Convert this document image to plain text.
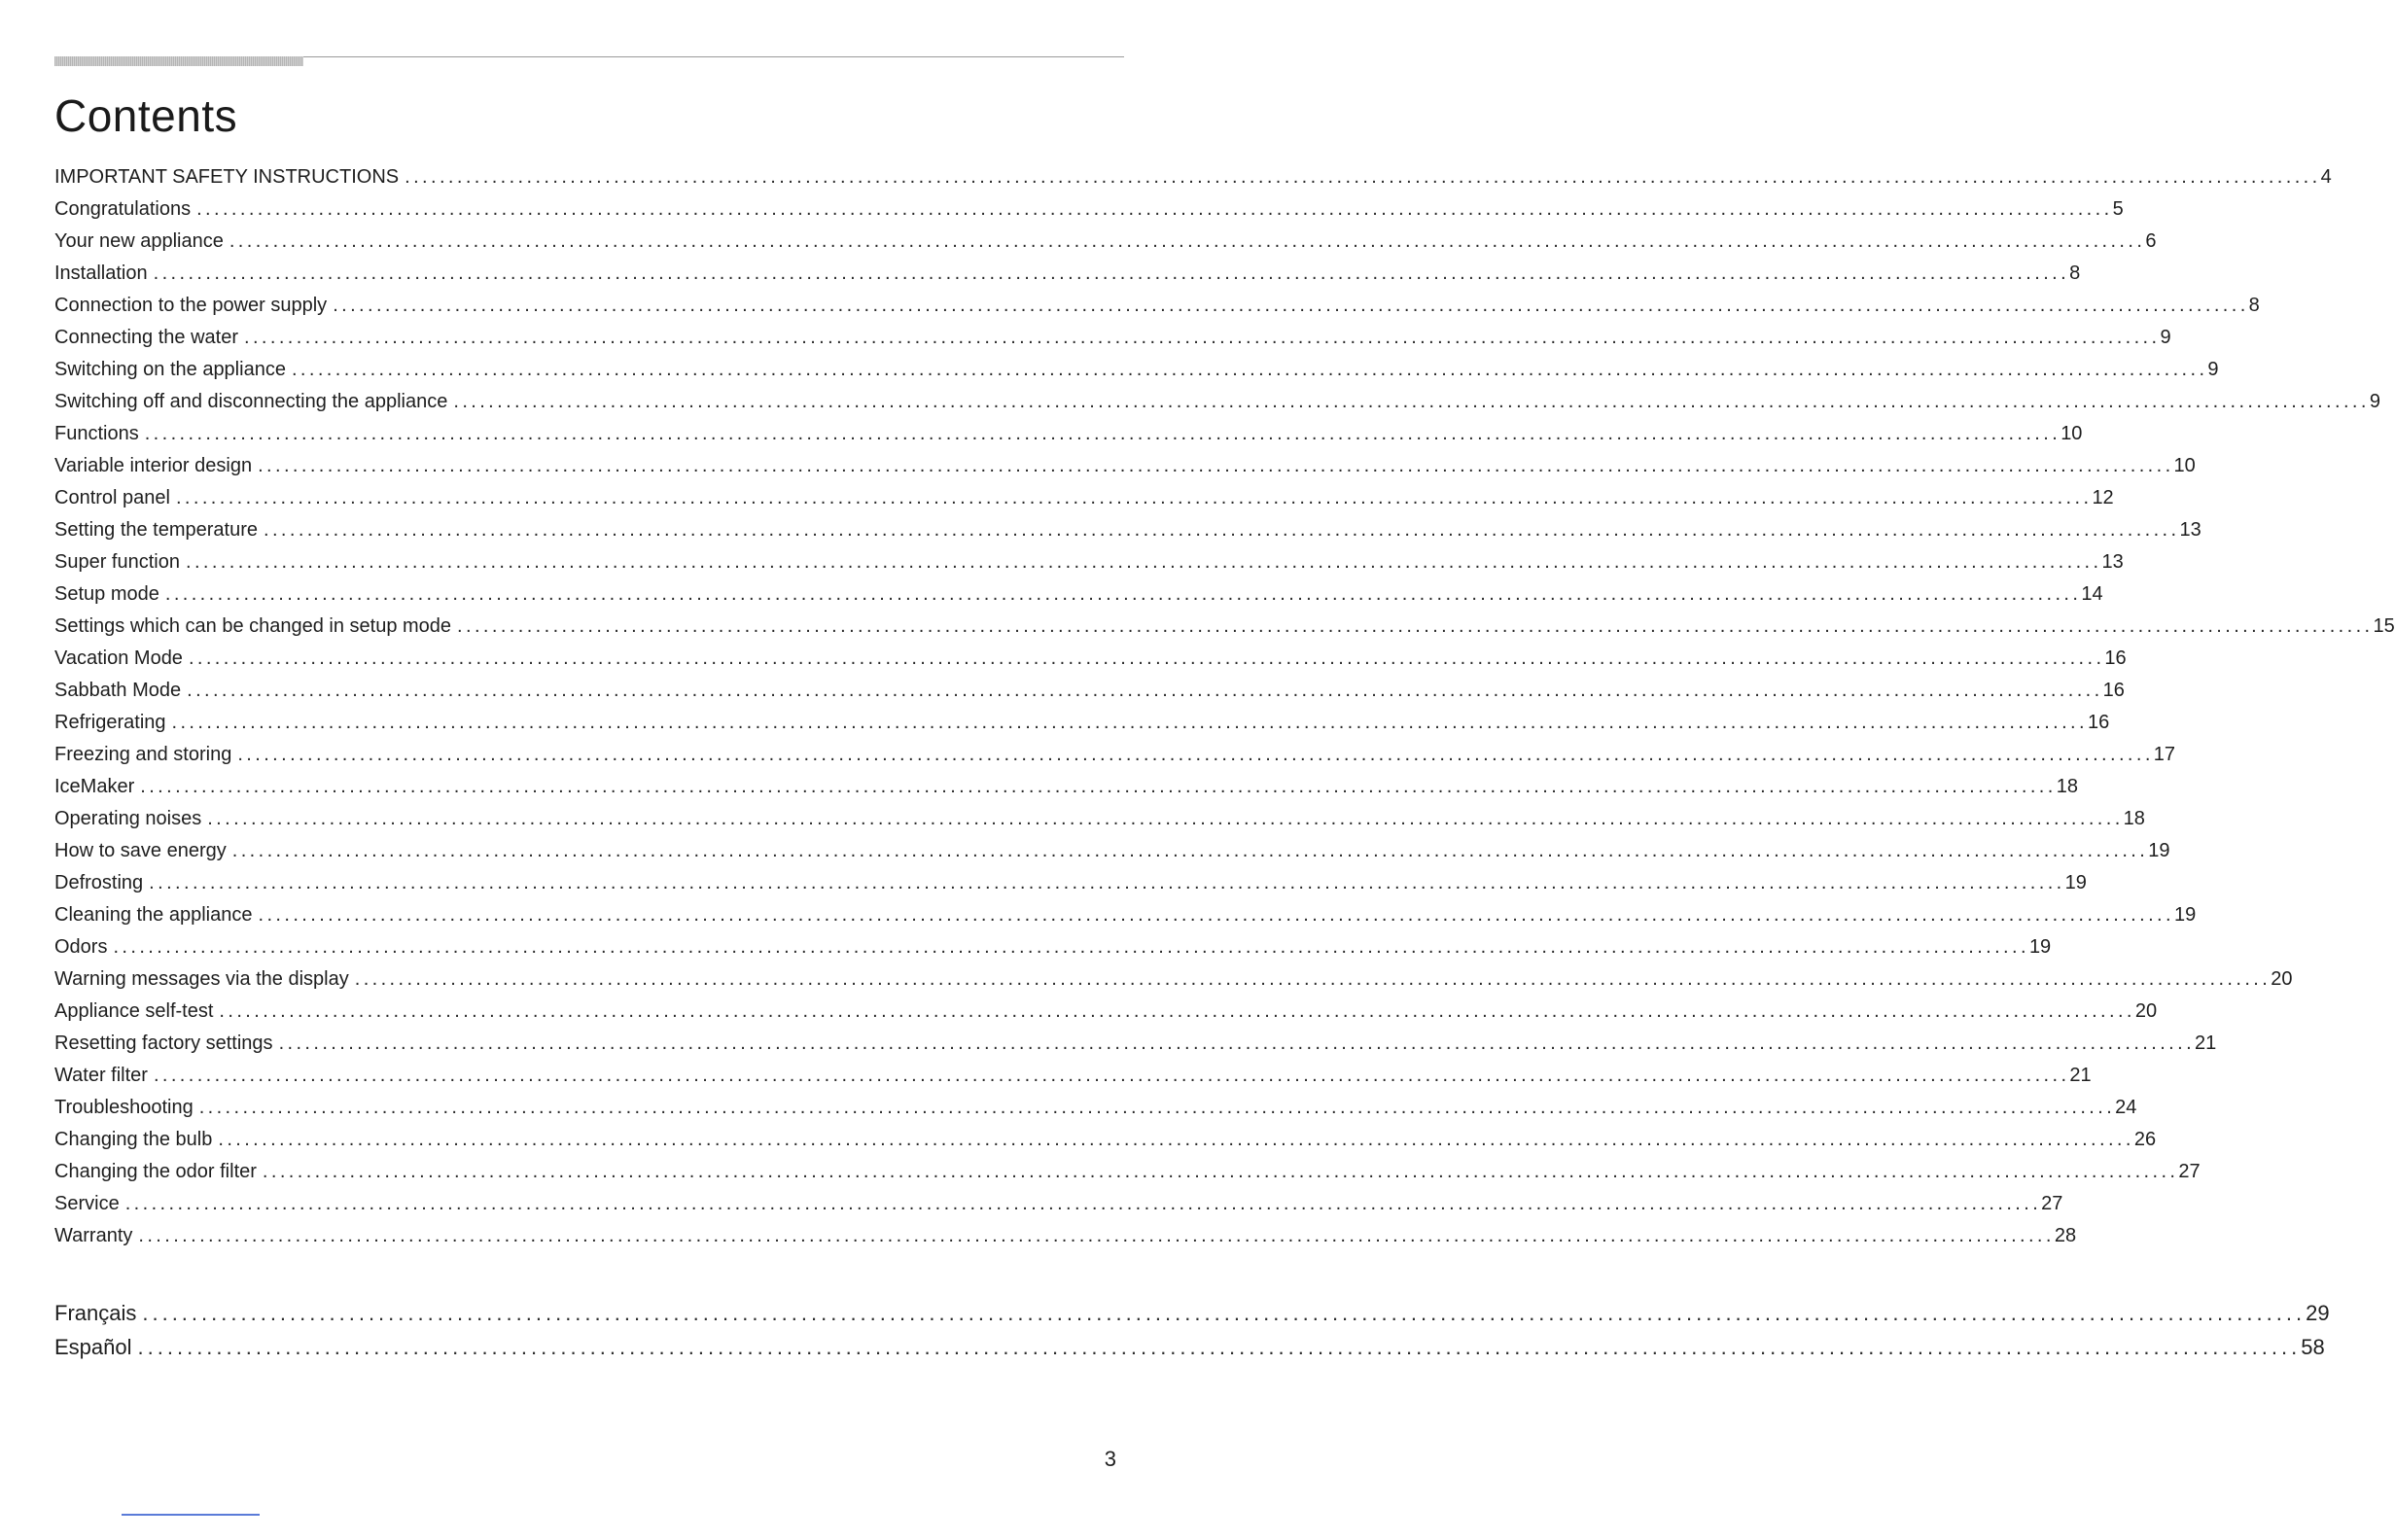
Contents
IMPORTANT SAFETY INSTRUCTIONS ............................................................................................................................................................................................................................ 4
Congratulations ............................................................................................................................................................................................................................ 5
Your new appliance ............................................................................................................................................................................................................................ 6
Installation ............................................................................................................................................................................................................................ 8
Connection to the power supply ............................................................................................................................................................................................................................ 8
Connecting the water ............................................................................................................................................................................................................................ 9
Switching on the appliance ............................................................................................................................................................................................................................ 9
Switching off and disconnecting the appliance ............................................................................................................................................................................................................................ 9
Functions ............................................................................................................................................................................................................................ 10
Variable interior design ............................................................................................................................................................................................................................ 10
Control panel ............................................................................................................................................................................................................................ 12
Setting the temperature ............................................................................................................................................................................................................................ 13
Super function ............................................................................................................................................................................................................................ 13
Setup mode ............................................................................................................................................................................................................................ 14
Settings which can be changed in setup mode ............................................................................................................................................................................................................................ 15
Vacation Mode ............................................................................................................................................................................................................................ 16
Sabbath Mode ............................................................................................................................................................................................................................ 16
Refrigerating ............................................................................................................................................................................................................................ 16
Freezing and storing ............................................................................................................................................................................................................................ 17
IceMaker ............................................................................................................................................................................................................................ 18
Operating noises ............................................................................................................................................................................................................................ 18
How to save energy ............................................................................................................................................................................................................................ 19
Defrosting ............................................................................................................................................................................................................................ 19
Cleaning the appliance ............................................................................................................................................................................................................................ 19
Odors ............................................................................................................................................................................................................................ 19
Warning messages via the display ............................................................................................................................................................................................................................ 20
Appliance self-test ............................................................................................................................................................................................................................ 20
Resetting factory settings ............................................................................................................................................................................................................................ 21
Water filter ............................................................................................................................................................................................................................ 21
Troubleshooting ............................................................................................................................................................................................................................ 24
Changing the bulb ............................................................................................................................................................................................................................ 26
Changing the odor filter ............................................................................................................................................................................................................................ 27
Service ............................................................................................................................................................................................................................ 27
Warranty ............................................................................................................................................................................................................................ 28
Français ............................................................................................................................................................................................................................ 29
Español ............................................................................................................................................................................................................................ 58

3
